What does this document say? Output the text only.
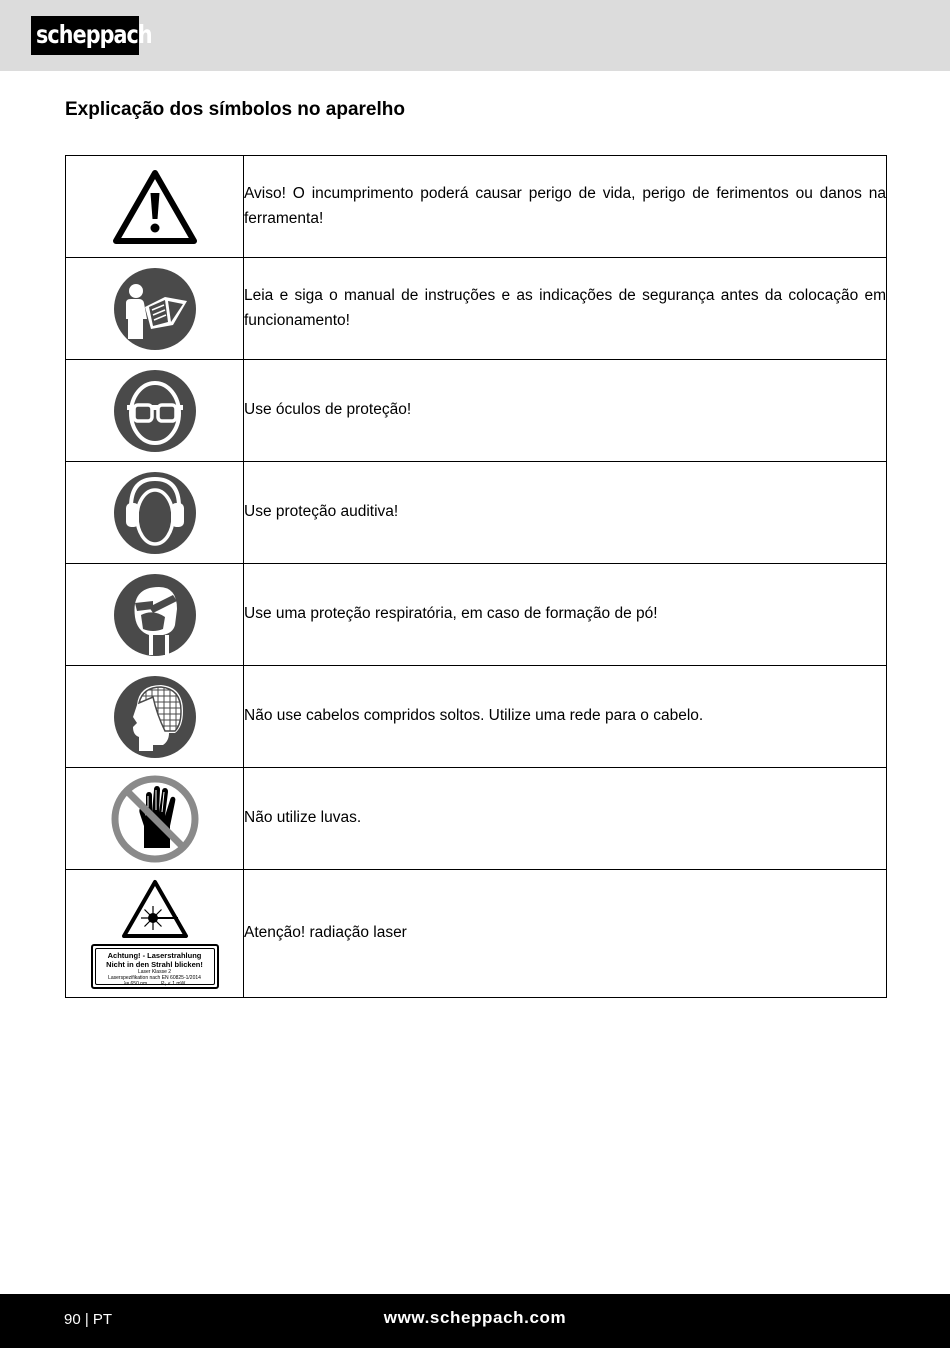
scheppach
Explicação dos símbolos no aparelho
	Aviso! O incumprimento poderá causar perigo de vida, perigo de ferimentos ou danos na ferramenta!

	Leia e siga o manual de instruções e as indicações de segurança antes da colocação em funcionamento!

	Use óculos de proteção!

	Use proteção auditiva!

	Use uma proteção respiratória, em caso de formação de pó!

	Não use cabelos compridos soltos. Utilize uma rede para o cabelo.

	Não utilize luvas.

Achtung! - Laserstrahlung
Nicht in den Strahl blicken!
Laser Klasse 2
Laserspezifikation nach EN 60825-1/2014
λ= 650 nm          P₀ < 1 mW	Atenção! radiação laser
90 | PT	www.scheppach.com
